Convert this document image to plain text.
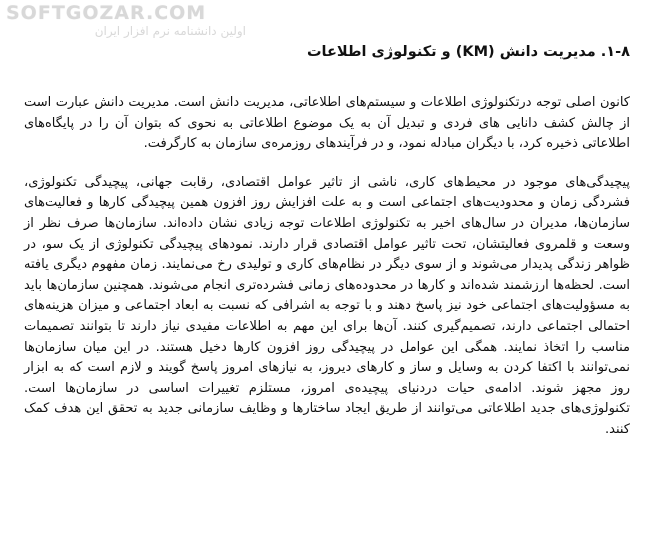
SOFTGOZAR.COM
اولین دانشنامه نرم افزار ایران
۱-۸. مدیریت دانش (KM) و تکنولوژی اطلاعات

کانون اصلی توجه درتکنولوژی اطلاعات و سیستم‌های اطلاعاتی، مدیریت دانش است. مدیریت دانش عبارت است از چالش کشف دانایی های فردی و تبدیل آن به یک موضوع اطلاعاتی به نحوی که بتوان آن را در پایگاه‌های اطلاعاتی ذخیره کرد، با دیگران مبادله نمود، و در فرآیندهای روزمره‌ی سازمان به کارگرفت.

پیچیدگی‌های موجود در محیط‌های کاری، ناشی از تاثیر عوامل اقتصادی، رقابت جهانی، پیچیدگی تکنولوژی، فشردگی زمان و محدودیت‌های اجتماعی است و به علت افزایش روز افزون همین پیچیدگی کارها و فعالیت‌های سازمان‌ها، مدیران در سال‌های اخیر به تکنولوژی اطلاعات توجه زیادی نشان داده‌اند. سازمان‌ها صرف نظر از وسعت و قلمروی فعالیتشان، تحت تاثیر عوامل اقتصادی قرار دارند. نمودهای پیچیدگی تکنولوژی از یک سو، در ظواهر زندگی پدیدار می‌شوند و از سوی دیگر در نظام‌های کاری و تولیدی رخ می‌نمایند. زمان مفهوم دیگری یافته است. لحظه‌ها ارزشمند شده‌اند و کارها در محدوده‌های زمانی فشرده‌تری انجام می‌شوند. همچنین سازمان‌ها باید به مسؤولیت‌های اجتماعی خود نیز پاسخ دهند و با توجه به اشرافی که نسبت به ابعاد اجتماعی و میزان هزینه‌های احتمالی اجتماعی دارند، تصمیم‌گیری کنند. آن‌ها برای این مهم به اطلاعات مفیدی نیاز دارند تا بتوانند تصمیمات مناسب را اتخاذ نمایند. همگی این عوامل در پیچیدگی روز افزون کارها دخیل هستند. در این میان سازمان‌ها نمی‌توانند با اکتفا کردن به وسایل و ساز و کارهای دیروز، به نیازهای امروز پاسخ گویند و لازم است که به ابزار روز مجهز شوند. ادامه‌ی حیات دردنیای پیچیده‌ی امروز، مستلزم تغییرات اساسی در سازمان‌ها است. تکنولوژی‌های جدید اطلاعاتی می‌توانند از طریق ایجاد ساختارها و وظایف سازمانی جدید به تحقق این هدف کمک کنند.
